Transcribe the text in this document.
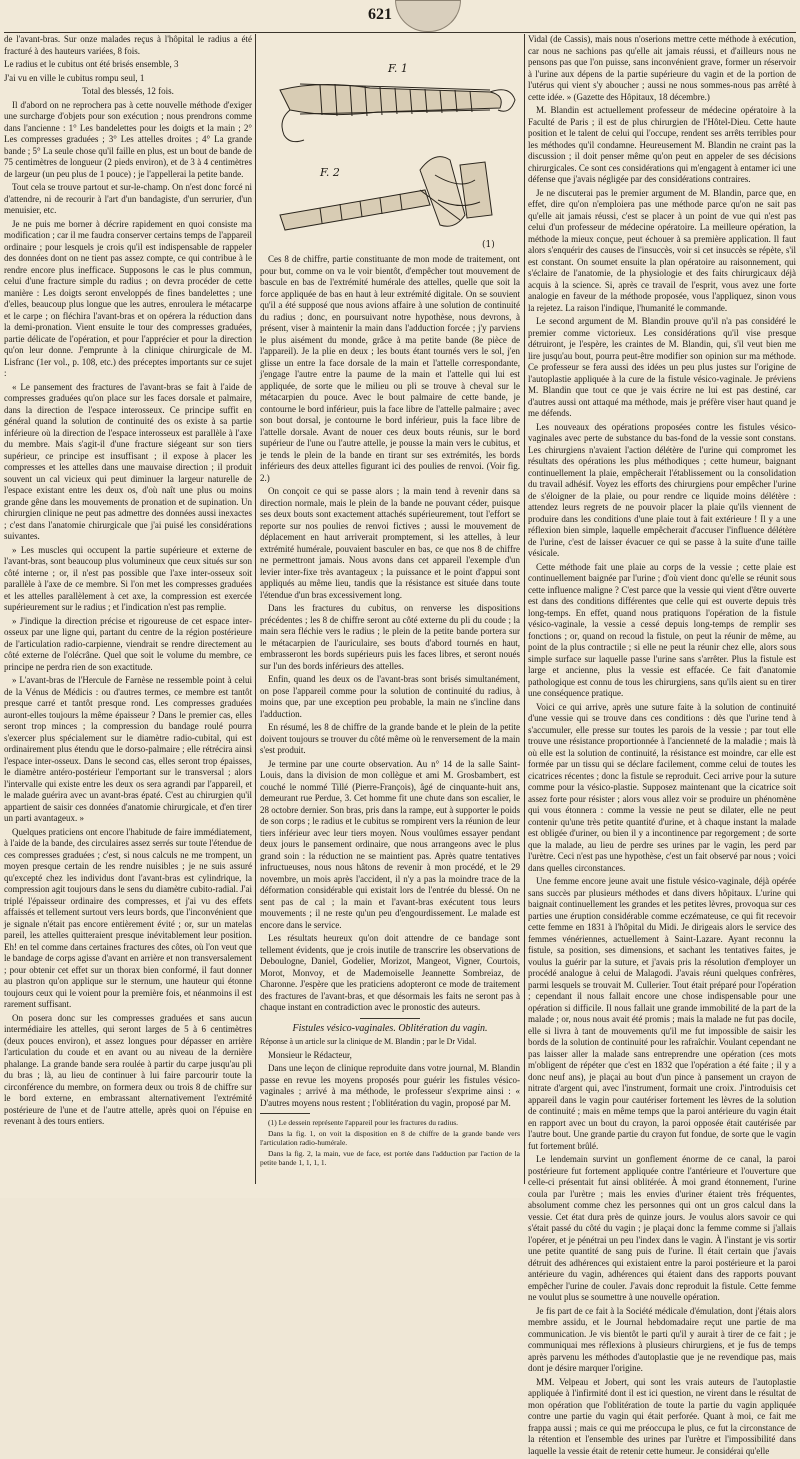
621

de l'avant-bras. Sur onze malades reçus à l'hôpital le radius a été fracturé à des hauteurs variées, 8 fois.

Le radius et le cubitus ont été brisés ensemble, 3

J'ai vu en ville le cubitus rompu seul, 1

Total des blessés, 12 fois.

Il d'abord on ne reprochera pas à cette nouvelle méthode d'exiger une surcharge d'objets pour son exécution ; nous prendrons comme dans l'ancienne : 1° Les bandelettes pour les doigts et la main ; 2° Les compresses graduées ; 3° Les attelles droites ; 4° La grande bande ; 5° La seule chose qu'il faille en plus, est un bout de bande de 75 centimètres de longueur (2 pieds environ), et de 3 à 4 centimètres de largeur (un peu plus de 1 pouce) ; je l'appellerai la petite bande.

Tout cela se trouve partout et sur-le-champ. On n'est donc forcé ni d'attendre, ni de recourir à l'art d'un bandagiste, d'un serrurier, d'un menuisier, etc.

Je ne puis me borner à décrire rapidement en quoi consiste ma modification ; car il me faudra conserver certains temps de l'appareil ordinaire ; pour lesquels je crois qu'il est indispensable de rappeler des données dont on ne tient pas assez compte, ce qui contribue à le rendre encore plus inefficace. Supposons le cas le plus commun, celui d'une fracture simple du radius ; on devra procéder de cette manière : Les doigts seront enveloppés de fines bandelettes ; une d'elles, beaucoup plus longue que les autres, enroulera le métacarpe et le carpe ; on fléchira l'avant-bras et on opérera la réduction dans la demi-pronation. Vient ensuite le tour des compresses graduées, partie délicate de l'opération, et pour l'apprécier et pour la direction qu'on leur donne. J'emprunte à la clinique chirurgicale de M. Lisfranc (1er vol., p. 108, etc.) des préceptes importants sur ce sujet :

« Le pansement des fractures de l'avant-bras se fait à l'aide de compresses graduées qu'on place sur les faces dorsale et palmaire, dans la direction de l'espace interosseux. Ce principe suffit en général quand la solution de continuité des os existe à sa partie inférieure où la direction de l'espace interosseux est parallèle à l'axe du membre. Mais s'agit-il d'une fracture siégeant sur son tiers supérieur, ce principe est insuffisant ; il expose à placer les compresses et les attelles dans une mauvaise direction ; il produit souvent un cal vicieux qui peut diminuer la largeur naturelle de l'espace existant entre les deux os, d'où naît une plus ou moins grande gêne dans les mouvements de pronation et de supination. Un chirurgien clinique ne peut pas admettre des données aussi inexactes ; c'est dans l'anatomie chirurgicale que j'ai puisé les considérations suivantes.

» Les muscles qui occupent la partie supérieure et externe de l'avant-bras, sont beaucoup plus volumineux que ceux situés sur son côté interne ; or, il n'est pas possible que l'axe inter-osseux soit parallèle à l'axe de ce membre. Si l'on met les compresses graduées et les attelles parallèlement à cet axe, la compression est exercée supérieurement sur le radius ; et l'indication n'est pas remplie.

» J'indique la direction précise et rigoureuse de cet espace inter-osseux par une ligne qui, partant du centre de la région postérieure de l'articulation radio-carpienne, viendrait se rendre directement au côté externe de l'olécrâne. Quel que soit le volume du membre, ce principe ne perdra rien de son exactitude.

» L'avant-bras de l'Hercule de Farnèse ne ressemble point à celui de la Vénus de Médicis : ou d'autres termes, ce membre est tantôt presque carré et tantôt presque rond. Les compresses graduées auront-elles toujours la même épaisseur ? Dans le premier cas, elles seront trop minces ; la compression du bandage roulé pourra s'exercer plus spécialement sur le diamètre radio-cubital, qui est ordinairement plus étendu que le dorso-palmaire ; elle rétrécira ainsi l'espace inter-osseux. Dans le second cas, elles seront trop épaisses, le diamètre antéro-postérieur l'emportant sur le transversal ; alors l'intervalle qui existe entre les deux os sera agrandi par l'appareil, et le malade guérira avec un avant-bras épaté. C'est au chirurgien qu'il appartient de saisir ces données d'anatomie chirurgicale, et d'en tirer un parti avantageux. »

Quelques praticiens ont encore l'habitude de faire immédiatement, à l'aide de la bande, des circulaires assez serrés sur toute l'étendue de ces compresses graduées ; c'est, si nous calculs ne me trompent, un moyen presque certain de les rendre nuisibles ; je ne suis assuré qu'excepté chez les individus dont l'avant-bras est cylindrique, la compression agit toujours dans le sens du diamètre cubito-radial. J'ai triplé l'épaisseur ordinaire des compresses, et j'ai vu des effets affaissés et tellement surtout vers leurs bords, que l'inconvénient que je signale n'était pas encore entièrement évité ; or, sur un matelas pareil, les attelles quitteraient presque inévitablement leur position. Eh! en tel comme dans certaines fractures des côtes, où l'on veut que le bandage de corps agisse d'avant en arrière et non transversalement ; pour obtenir cet effet sur un thorax bien conformé, il faut donner au plastron qu'on applique sur le sternum, une hauteur qui étonne toujours ceux qui le voient pour la première fois, et néanmoins il est rarement suffisant.

On posera donc sur les compresses graduées et sans aucun intermédiaire les attelles, qui seront larges de 5 à 6 centimètres (deux pouces environ), et assez longues pour dépasser en arrière l'articulation du coude et en avant ou au niveau de la dernière phalange. La grande bande sera roulée à partir du carpe jusqu'au pli du bras ; là, au lieu de continuer à lui faire parcourir toute la circonférence du membre, on formera deux ou trois 8 de chiffre sur le bord externe, en embrassant alternativement l'extrémité postérieure de l'une et de l'autre attelle, après quoi on l'épuise en revenant à des tours entiers.

F. 1
F. 2
(1)

Ces 8 de chiffre, partie constituante de mon mode de traitement, ont pour but, comme on va le voir bientôt, d'empêcher tout mouvement de bascule en bas de l'extrémité humérale des attelles, quelle que soit la force appliquée de bas en haut à leur extrémité digitale. On se souvient qu'il a été supposé que nous avions affaire à une solution de continuité du radius ; donc, en poursuivant notre hypothèse, nous devrons, à présent, viser à maintenir la main dans l'adduction forcée ; j'y parviens le plus aisément du monde, grâce à ma petite bande (8e pièce de l'appareil). Je la plie en deux ; les bouts étant tournés vers le sol, j'en glisse un entre la face dorsale de la main et l'attelle correspondante, j'engage l'autre entre la paume de la main et l'attelle qui lui est appliquée, de sorte que le milieu ou pli se trouve à cheval sur le métacarpien du pouce. Avec le bout palmaire de cette bande, je contourne le bord inférieur, puis la face libre de l'attelle palmaire ; avec son bout dorsal, je contourne le bord inférieur, puis la face libre de l'attelle dorsale. Avant de nouer ces deux bouts réunis, sur le bord supérieur de l'une ou l'autre attelle, je pousse la main vers le cubitus, et je tends le plein de la bande en tirant sur ses extrémités, les bords inférieurs des deux attelles figurant ici des poulies de renvoi. (Voir fig. 2.)

On conçoit ce qui se passe alors ; la main tend à revenir dans sa direction normale, mais le plein de la bande ne pouvant céder, puisque ses deux bouts sont exactement attachés supérieurement, tout l'effort se reporte sur nos poulies de renvoi fictives ; aussi le mouvement de déplacement en haut arriverait promptement, si les attelles, à leur extrémité humérale, pouvaient basculer en bas, ce que nos 8 de chiffre ne permettront jamais. Nous avons dans cet appareil l'exemple d'un levier inter-fixe très avantageux ; la puissance et le point d'appui sont appliqués au même lieu, tandis que la résistance est située dans toute l'étendue d'un bras excessivement long.

Dans les fractures du cubitus, on renverse les dispositions précédentes ; les 8 de chiffre seront au côté externe du pli du coude ; la main sera fléchie vers le radius ; le plein de la petite bande portera sur le métacarpien de l'auriculaire, ses bouts d'abord tournés en haut, embrasseront les bords supérieurs puis les faces libres, et seront noués sur l'un des bords inférieurs des attelles.

Enfin, quand les deux os de l'avant-bras sont brisés simultanément, on pose l'appareil comme pour la solution de continuité du radius, à moins que, par une exception peu probable, la main ne s'incline dans l'adduction.

En résumé, les 8 de chiffre de la grande bande et le plein de la petite doivent toujours se trouver du côté même où le renversement de la main s'est produit.

Je termine par une courte observation. Au n° 14 de la salle Saint-Louis, dans la division de mon collègue et ami M. Grosbambert, est couché le nommé Tillé (Pierre-François), âgé de cinquante-huit ans, demeurant rue Perdue, 3. Cet homme fit une chute dans son escalier, le 28 octobre dernier. Son bras, pris dans la rampe, eut à supporter le poids de son corps ; le radius et le cubitus se rompirent vers la réunion de leur tiers inférieur avec leur tiers moyen. Nous voulûmes essayer pendant deux jours le pansement ordinaire, que nous arrangeons avec le plus grand soin : la réduction ne se maintient pas. Après quatre tentatives infructueuses, nous nous hâtons de revenir à mon procédé, et le 29 novembre, un mois après l'accident, il n'y a pas la moindre trace de la déformation considérable qui existait lors de l'entrée du blessé. On ne sent pas de cal ; la main et l'avant-bras exécutent tous leurs mouvements ; il ne reste qu'un peu d'engourdissement. Le malade est encore dans le service.

Les résultats heureux qu'on doit attendre de ce bandage sont tellement évidents, que je crois inutile de transcrire les observations de Deboulogne, Daniel, Godelier, Morizot, Mangeot, Vigner, Courtois, Morot, Monvoy, et de Mademoiselle Jeannette Sombreiaz, de Charonne. J'espère que les praticiens adopteront ce mode de traitement des fractures de l'avant-bras, et que désormais les faits ne seront pas à chaque instant en contradiction avec le pronostic des auteurs.

Fistules vésico-vaginales. Oblitération du vagin.

Réponse à un article sur la clinique de M. Blandin ; par le Dr Vidal.

Monsieur le Rédacteur,

Dans une leçon de clinique reproduite dans votre journal, M. Blandin passe en revue les moyens proposés pour guérir les fistules vésico-vaginales ; arrivé à ma méthode, le professeur s'exprime ainsi : « D'autres moyens nous restent ; l'oblitération du vagin, proposé par M.

(1) Le dessein représente l'appareil pour les fractures du radius.

Dans la fig. 1, on voit la disposition en 8 de chiffre de la grande bande vers l'articulation radio-humérale.

Dans la fig. 2, la main, vue de face, est portée dans l'adduction par l'action de la petite bande 1, 1, 1, 1.

Vidal (de Cassis), mais nous n'oserions mettre cette méthode à exécution, car nous ne sachions pas qu'elle ait jamais réussi, et d'ailleurs nous ne pensons pas que l'on puisse, sans inconvénient grave, former un réservoir à l'urine aux dépens de la partie supérieure du vagin et de la portion de l'utérus qui vient s'y aboucher ; aussi ne nous sommes-nous pas arrêté à cette idée. » (Gazette des Hôpitaux, 18 décembre.)

M. Blandin est actuellement professeur de médecine opératoire à la Faculté de Paris ; il est de plus chirurgien de l'Hôtel-Dieu. Cette haute position et le talent de celui qui l'occupe, rendent ses arrêts terribles pour les méthodes qu'il condamne. Heureusement M. Blandin ne craint pas la discussion ; il doit penser même qu'on peut en appeler de ses décisions chirurgicales. Ce sont ces considérations qui m'engagent à entamer ici une défense que j'avais négligée par des considérations contraires.

Je ne discuterai pas le premier argument de M. Blandin, parce que, en effet, dire qu'on n'emploiera pas une méthode parce qu'on ne sait pas qu'elle ait jamais réussi, c'est se placer à un point de vue qui n'est pas celui d'un professeur de médecine opératoire. La meilleure opération, la méthode la mieux conçue, peut échouer à sa première application. Il faut alors s'enquérir des causes de l'insuccès, voir si cet insuccès se répète, s'il est constant. On soumet ensuite la plan opératoire au raisonnement, qui s'éclaire de l'anatomie, de la physiologie et des faits chirurgicaux déjà acquis à la science. Si, après ce travail de l'esprit, vous avez une forte analogie en faveur de la méthode proposée, vous l'appliquez, sinon vous la rejetez. La raison l'indique, l'humanité le commande.

Le second argument de M. Blandin prouve qu'il n'a pas considéré le premier comme victorieux. Les considérations qu'il vise presque détruiront, je l'espère, les craintes de M. Blandin, qui, s'il veut bien me lire jusqu'au bout, pourra peut-être modifier son opinion sur ma méthode. Ce professeur se fera aussi des idées un peu plus justes sur l'origine de l'autoplastie appliquée à la cure de la fistule vésico-vaginale. Je préviens M. Blandin que tout ce que je vais écrire ne lui est pas destiné, car d'autres aussi ont attaqué ma méthode, mais je préfère viser haut quand je me défends.

Les nouveaux des opérations proposées contre les fistules vésico-vaginales avec perte de substance du bas-fond de la vessie sont constans. Les chirurgiens n'avaient l'action délétère de l'urine qui compromet les résultats des opérations les plus méthodiques ; cette humeur, baignant continuellement la plaie, empêcherait l'établissement ou la consolidation du travail adhésif. Voyez les efforts des chirurgiens pour empêcher l'urine de s'éloigner de la plaie, ou pour rendre ce liquide moins délétère : attendez leurs regrets de ne pouvoir placer la plaie qu'ils viennent de produire dans les conditions d'une plaie tout à fait extérieure ! Il y a une réflexion bien simple, laquelle empêcherait d'accuser l'influence délétère de l'urine, c'est de laisser évacuer ce qui se passe à la suite d'une taille vésicale.

Cette méthode fait une plaie au corps de la vessie ; cette plaie est continuellement baignée par l'urine ; d'où vient donc qu'elle se réunit sous cette influence maligne ? C'est parce que la vessie qui vient d'être ouverte est dans des conditions différentes que celle qui est ouverte depuis très long-temps. En effet, quand nous pratiquons l'opération de la fistule vésico-vaginale, la vessie a cessé depuis long-temps de remplir ses fonctions ; or, quand on recoud la fistule, on peut la réunir de même, au point de la plus contractile ; si elle ne peut la réunir chez elle, alors sous simple surface sur laquelle passe l'urine sans s'arrêter. Plus la fistule est large et ancienne, plus la vessie est effacée. Ce fait d'anatomie pathologique est connu de tous les chirurgiens, sans qu'ils aient su en tirer une conséquence pratique.

Voici ce qui arrive, après une suture faite à la solution de continuité d'une vessie qui se trouve dans ces conditions : dès que l'urine tend à s'accumuler, elle presse sur toutes les parois de la vessie ; par tout elle trouve une résistance proportionnée à l'ancienneté de la maladie ; mais là où elle est la solution de continuité, la résistance est moindre, car elle est formée par un tissu qui se déclare facilement, comme celui de toutes les cicatrices récentes ; donc la fistule se reproduit. Ceci arrive pour la suture comme pour la vésico-plastie. Supposez maintenant que la cicatrice soit assez forte pour résister ; alors vous allez voir se produire un phénomène qui vous étonnera : comme la vessie ne peut se dilater, elle ne peut contenir qu'une très petite quantité d'urine, et à chaque instant la malade est obligée d'uriner, ou bien il y a incontinence par regorgement ; de sorte que la malade, au lieu de perdre ses urines par le vagin, les perd par l'urètre. Ceci n'est pas une hypothèse, c'est un fait observé par nous ; voici dans quelles circonstances.

Une femme encore jeune avait une fistule vésico-vaginale, déjà opérée sans succès par plusieurs méthodes et dans divers hôpitaux. L'urine qui baignait continuellement les grandes et les petites lèvres, provoqua sur ces parties une éruption considérable comme eczémateuse, ce qui fit recevoir cette femme en 1831 à l'hôpital du Midi. Je dirigeais alors le service des femmes vénériennes, actuellement à Saint-Lazare. Ayant reconnu la fistule, sa position, ses dimensions, et sachant les tentatives faites, je voulus la guérir par la suture, et j'avais pris la résolution d'employer un procédé analogue à celui de Malagodi. J'avais réuni quelques confrères, parmi lesquels se trouvait M. Cullerier. Tout était préparé pour l'opération ; cependant il nous fallait encore une chose indispensable pour une opération si difficile. Il nous fallait une grande immobilité de la part de la malade ; or, nous nous avait été promis ; mais la malade ne fut pas docile, elle si livra à tant de mouvements qu'il me fut impossible de saisir les bords de la solution de continuité pour les rafraîchir. Voulant cependant ne pas laisser aller la malade sans entreprendre une opération (ces mots m'obligent de répéter que c'est en 1832 que l'opération a été faite ; il y a donc neuf ans), je plaçai au bout d'un pince à pansement un crayon de nitrate d'argent qui, avec l'instrument, formait une croix. J'introduisis cet appareil dans le vagin pour cautériser fortement les lèvres de la solution de continuité ; mais en même temps que la paroi antérieure du vagin était en rapport avec un bout du crayon, la paroi opposée était cautérisée par l'autre bout. Une grande partie du crayon fut fondue, de sorte que le vagin fut fortement brûlé.

Le lendemain survint un gonflement énorme de ce canal, la paroi postérieure fut fortement appliquée contre l'antérieure et l'ouverture que celle-ci présentait fut ainsi oblitérée. À moi grand étonnement, l'urine coula par l'urètre ; mais les envies d'uriner étaient très fréquentes, absolument comme chez les personnes qui ont un gros calcul dans la vessie. Cet état dura près de quinze jours. Je voulus alors savoir ce qui s'était passé du côté du vagin ; je plaçai donc la femme comme si j'allais l'opérer, et je pénétrai un peu l'index dans le vagin. À l'instant je vis sortir une petite quantité de sang puis de l'urine. Il était certain que j'avais détruit des adhérences qui existaient entre la paroi postérieure et la paroi antérieure du vagin, adhérences qui étaient dans des rapports pouvant empêcher l'urine de couler. J'avais donc reproduit la fistule. Cette femme ne voulut plus se soumettre à une nouvelle opération.

Je fis part de ce fait à la Société médicale d'émulation, dont j'étais alors membre assidu, et le Journal hebdomadaire reçut une partie de ma communication. Je vis bientôt le parti qu'il y aurait à tirer de ce fait ; je communiquai mes réflexions à plusieurs chirurgiens, et je fus de temps après parvenu les méthodes d'autoplastie que je ne revendique pas, mais dont je désire marquer l'origine.

MM. Velpeau et Jobert, qui sont les vrais auteurs de l'autoplastie appliquée à l'infirmité dont il est ici question, ne virent dans le résultat de mon opération que l'oblitération de toute la partie du vagin appliquée contre une partie du vagin qui était perforée. Quant à moi, ce fait me frappa aussi ; mais ce qui me préoccupa le plus, ce fut la circonstance de la rétention et l'ensemble des urines par l'urètre et l'impossibilité dans laquelle la vessie était de retenir cette humeur. Je considérai qu'elle
